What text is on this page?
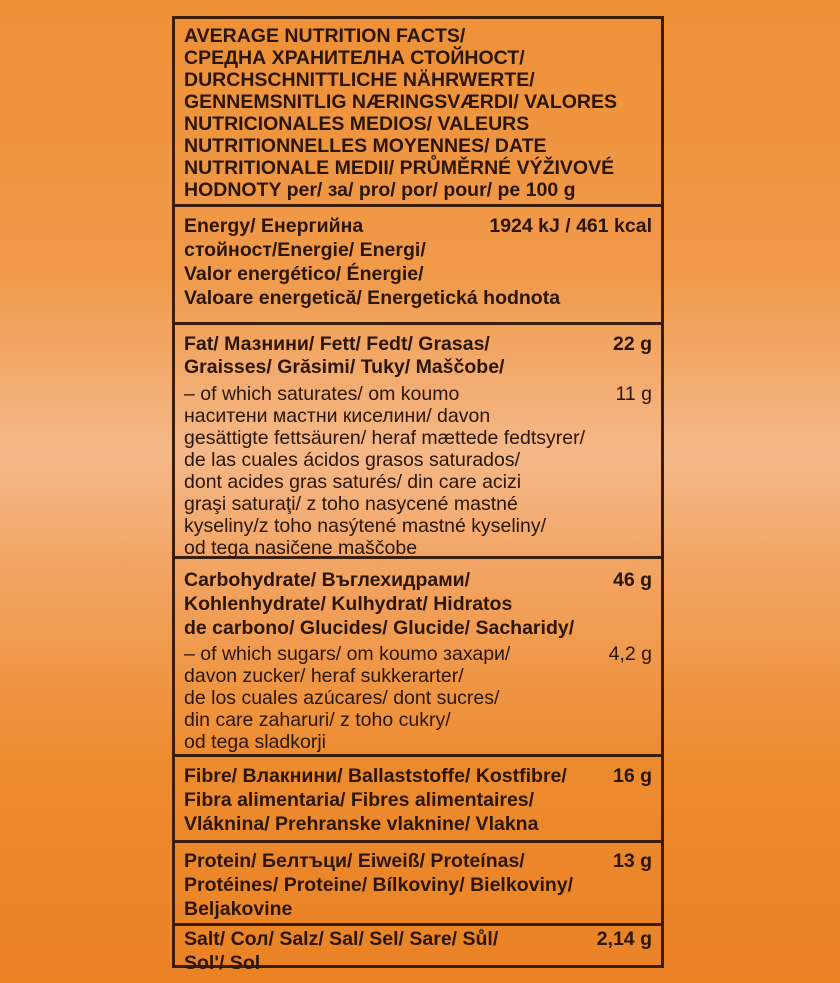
AVERAGE NUTRITION FACTS/
СРЕДНА ХРАНИТЕЛНА СТОЙНОСТ/
DURCHSCHNITTLICHE NÄHRWERTE/
GENNEMSNITLIG NÆRINGSVÆRDI/ VALORES
NUTRICIONALES MEDIOS/ VALEURS
NUTRITIONNELLES MOYENNES/ DATE
NUTRITIONALE MEDII/ PRŮMĚRNÉ VÝŽIVOVÉ
HODNOTY per/ за/ pro/ por/ pour/ pe 100 g
Energy/ Енергийна	1924 kJ / 461 kcal
стойност/Energie/ Energi/
Valor energético/ Énergie/
Valoare energetică/ Energetická hodnota
Fat/ Мазнини/ Fett/ Fedt/ Grasas/	22 g
Graisses/ Grăsimi/ Tuky/ Maščobe/
– of which saturates/ om koumo	11 g
наситени мастни киселини/ davon
gesättigte fettsäuren/ heraf mættede fedtsyrer/
de las cuales ácidos grasos saturados/
dont acides gras saturés/ din care acizi
graşi saturaţi/ z toho nasycené mastné
kyseliny/z toho nasýtené mastné kyseliny/
od tega nasičene maščobe
Carbohydrate/ Въглехидрами/	46 g
Kohlenhydrate/ Kulhydrat/ Hidratos
de carbono/ Glucides/ Glucide/ Sacharidy/
– of which sugars/ om koumo захари/	4,2 g
davon zucker/ heraf sukkerarter/
de los cuales azúcares/ dont sucres/
din care zaharuri/ z toho cukry/
od tega sladkorji
Fibre/ Влакнини/ Ballaststoffe/ Kostfibre/ 16 g
Fibra alimentaria/ Fibres alimentaires/
Vláknina/ Prehranske vlaknine/ Vlakna
Protein/ Белтъци/ Eiweiß/ Proteínas/	13 g
Protéines/ Proteine/ Bílkoviny/ Bielkoviny/
Beljakovine
Salt/ Сол/ Salz/ Sal/ Sel/ Sare/ Sůl/	2,14 g
Sol'/ Sol
